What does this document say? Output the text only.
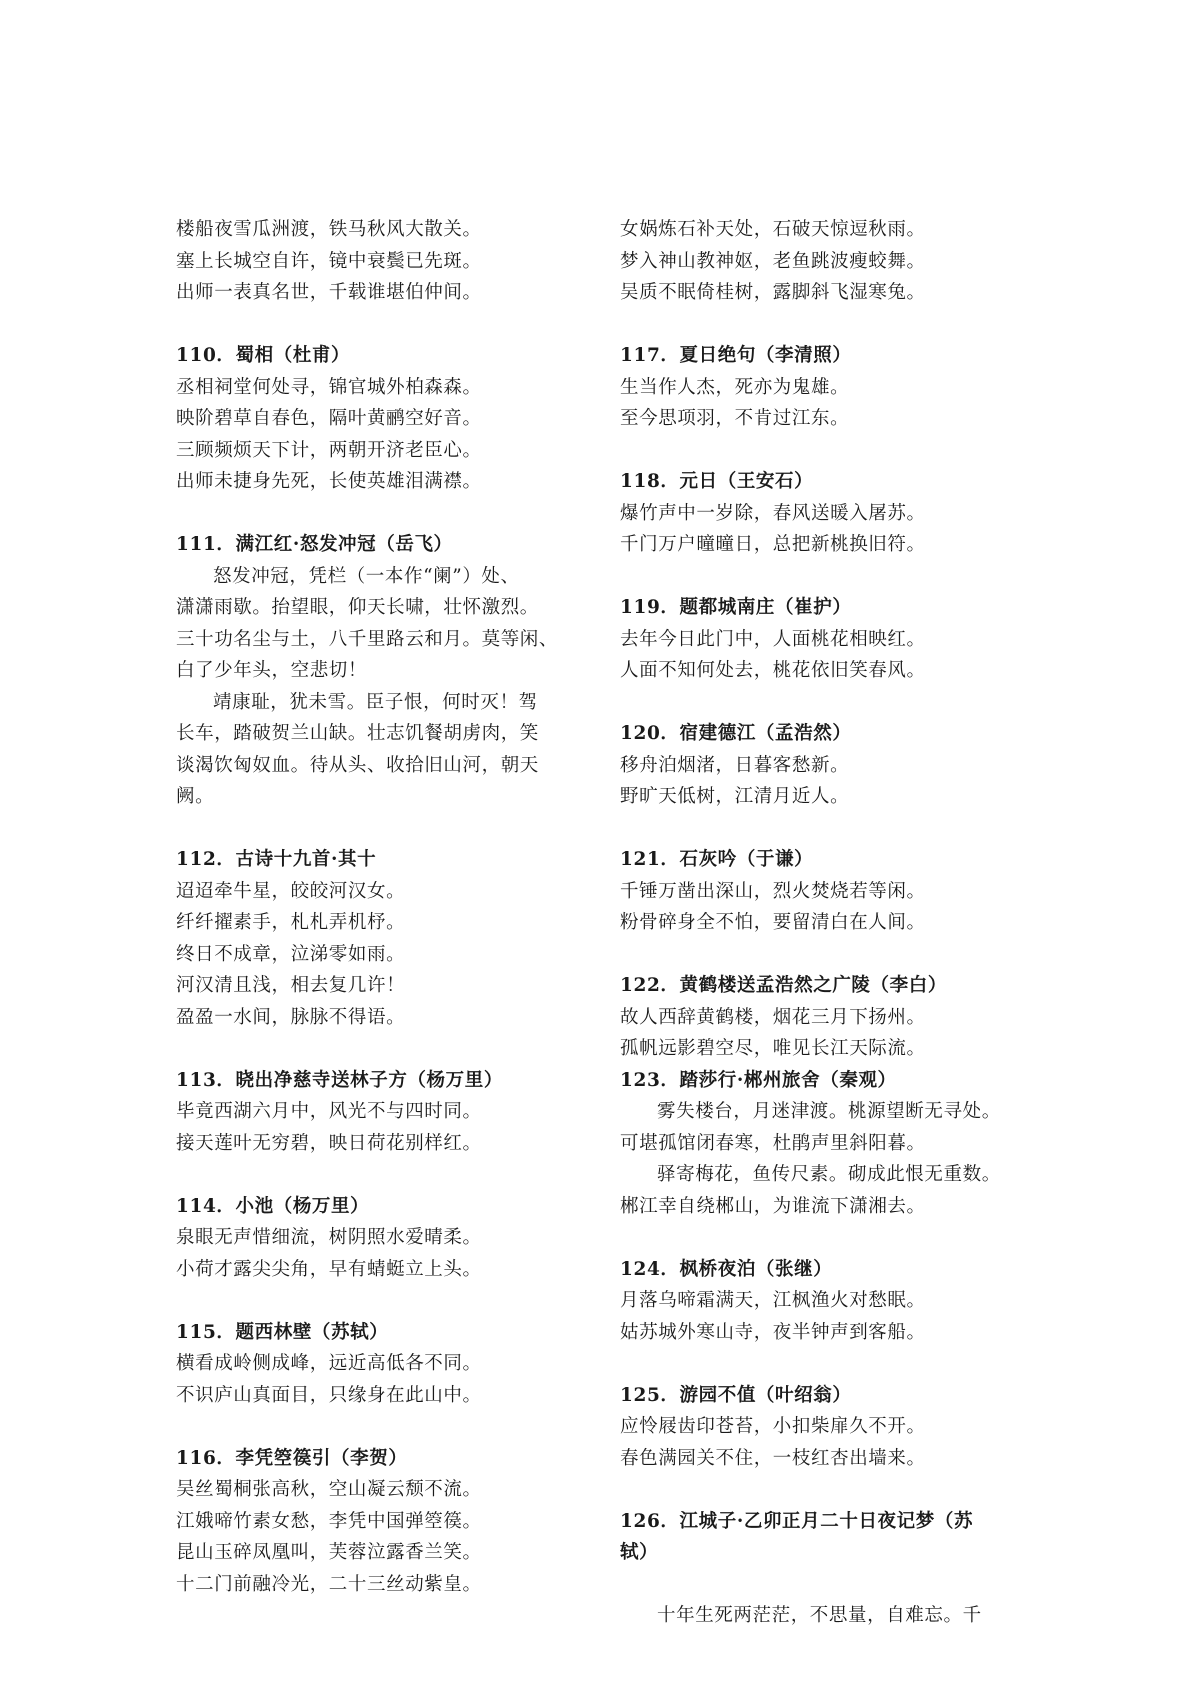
楼船夜雪瓜洲渡，铁马秋风大散关。
塞上长城空自许，镜中衰鬓已先斑。
出师一表真名世，千载谁堪伯仲间。
110．蜀相（杜甫）
丞相祠堂何处寻，锦官城外柏森森。
映阶碧草自春色，隔叶黄鹂空好音。
三顾频烦天下计，两朝开济老臣心。
出师未捷身先死，长使英雄泪满襟。
111．满江红·怒发冲冠（岳飞）
怒发冲冠，凭栏（一本作“阑”）处、
潇潇雨歇。抬望眼，仰天长啸，壮怀激烈。
三十功名尘与土，八千里路云和月。莫等闲、
白了少年头，空悲切！
靖康耻，犹未雪。臣子恨，何时灭！驾
长车，踏破贺兰山缺。壮志饥餐胡虏肉，笑
谈渴饮匈奴血。待从头、收拾旧山河，朝天
阙。
112．古诗十九首·其十
迢迢牵牛星，皎皎河汉女。
纤纤擢素手，札札弄机杼。
终日不成章，泣涕零如雨。
河汉清且浅，相去复几许！
盈盈一水间，脉脉不得语。
113．晓出净慈寺送林子方（杨万里）
毕竟西湖六月中，风光不与四时同。
接天莲叶无穷碧，映日荷花别样红。
114．小池（杨万里）
泉眼无声惜细流，树阴照水爱晴柔。
小荷才露尖尖角，早有蜻蜓立上头。
115．题西林壁（苏轼）
横看成岭侧成峰，远近高低各不同。
不识庐山真面目，只缘身在此山中。
116．李凭箜篌引（李贺）
吴丝蜀桐张高秋，空山凝云颓不流。
江娥啼竹素女愁，李凭中国弹箜篌。
昆山玉碎凤凰叫，芙蓉泣露香兰笑。
十二门前融冷光，二十三丝动紫皇。
女娲炼石补天处，石破天惊逗秋雨。
梦入神山教神妪，老鱼跳波瘦蛟舞。
吴质不眠倚桂树，露脚斜飞湿寒兔。
117．夏日绝句（李清照）
生当作人杰，死亦为鬼雄。
至今思项羽，不肯过江东。
118．元日（王安石）
爆竹声中一岁除，春风送暖入屠苏。
千门万户曈曈日，总把新桃换旧符。
119．题都城南庄（崔护）
去年今日此门中，人面桃花相映红。
人面不知何处去，桃花依旧笑春风。
120．宿建德江（孟浩然）
移舟泊烟渚，日暮客愁新。
野旷天低树，江清月近人。
121．石灰吟（于谦）
千锤万凿出深山，烈火焚烧若等闲。
粉骨碎身全不怕，要留清白在人间。
122．黄鹤楼送孟浩然之广陵（李白）
故人西辞黄鹤楼，烟花三月下扬州。
孤帆远影碧空尽，唯见长江天际流。
123．踏莎行·郴州旅舍（秦观）
雾失楼台，月迷津渡。桃源望断无寻处。
可堪孤馆闭春寒，杜鹃声里斜阳暮。
驿寄梅花，鱼传尺素。砌成此恨无重数。
郴江幸自绕郴山，为谁流下潇湘去。
124．枫桥夜泊（张继）
月落乌啼霜满天，江枫渔火对愁眠。
姑苏城外寒山寺，夜半钟声到客船。
125．游园不值（叶绍翁）
应怜屐齿印苍苔，小扣柴扉久不开。
春色满园关不住，一枝红杏出墙来。
126．江城子·乙卯正月二十日夜记梦（苏
轼）
十年生死两茫茫，不思量，自难忘。千
